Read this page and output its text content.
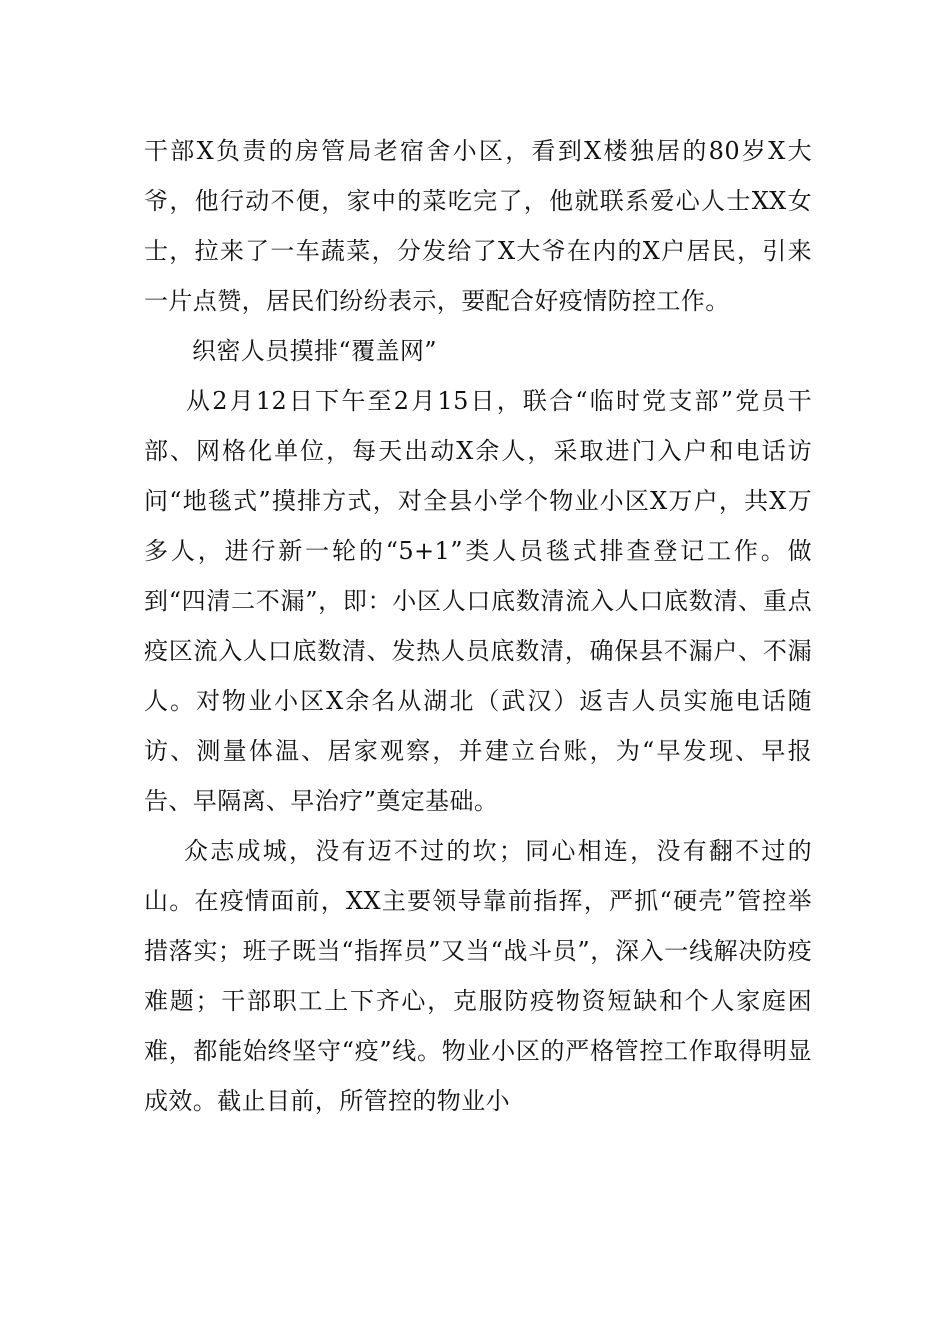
干部X负责的房管局老宿舍小区，看到X楼独居的80岁X大爷，他行动不便，家中的菜吃完了，他就联系爱心人士XX女士，拉来了一车蔬菜，分发给了X大爷在内的X户居民，引来一片点赞，居民们纷纷表示，要配合好疫情防控工作。

织密人员摸排“覆盖网”

从2月12日下午至2月15日，联合“临时党支部”党员干部、网格化单位，每天出动X余人，采取进门入户和电话访问“地毯式”摸排方式，对全县小学个物业小区X万户，共X万多人，进行新一轮的“5+1”类人员毯式排查登记工作。做到“四清二不漏”，即：小区人口底数清流入人口底数清、重点疫区流入人口底数清、发热人员底数清，确保县不漏户、不漏人。对物业小区X余名从湖北（武汉）返吉人员实施电话随访、测量体温、居家观察，并建立台账，为“早发现、早报告、早隔离、早治疗”奠定基础。

众志成城，没有迈不过的坎；同心相连，没有翻不过的山。在疫情面前，XX主要领导靠前指挥，严抓“硬壳”管控举措落实；班子既当“指挥员”又当“战斗员”，深入一线解决防疫难题；干部职工上下齐心，克服防疫物资短缺和个人家庭困难，都能始终坚守“疫”线。物业小区的严格管控工作取得明显成效。截止目前，所管控的物业小
